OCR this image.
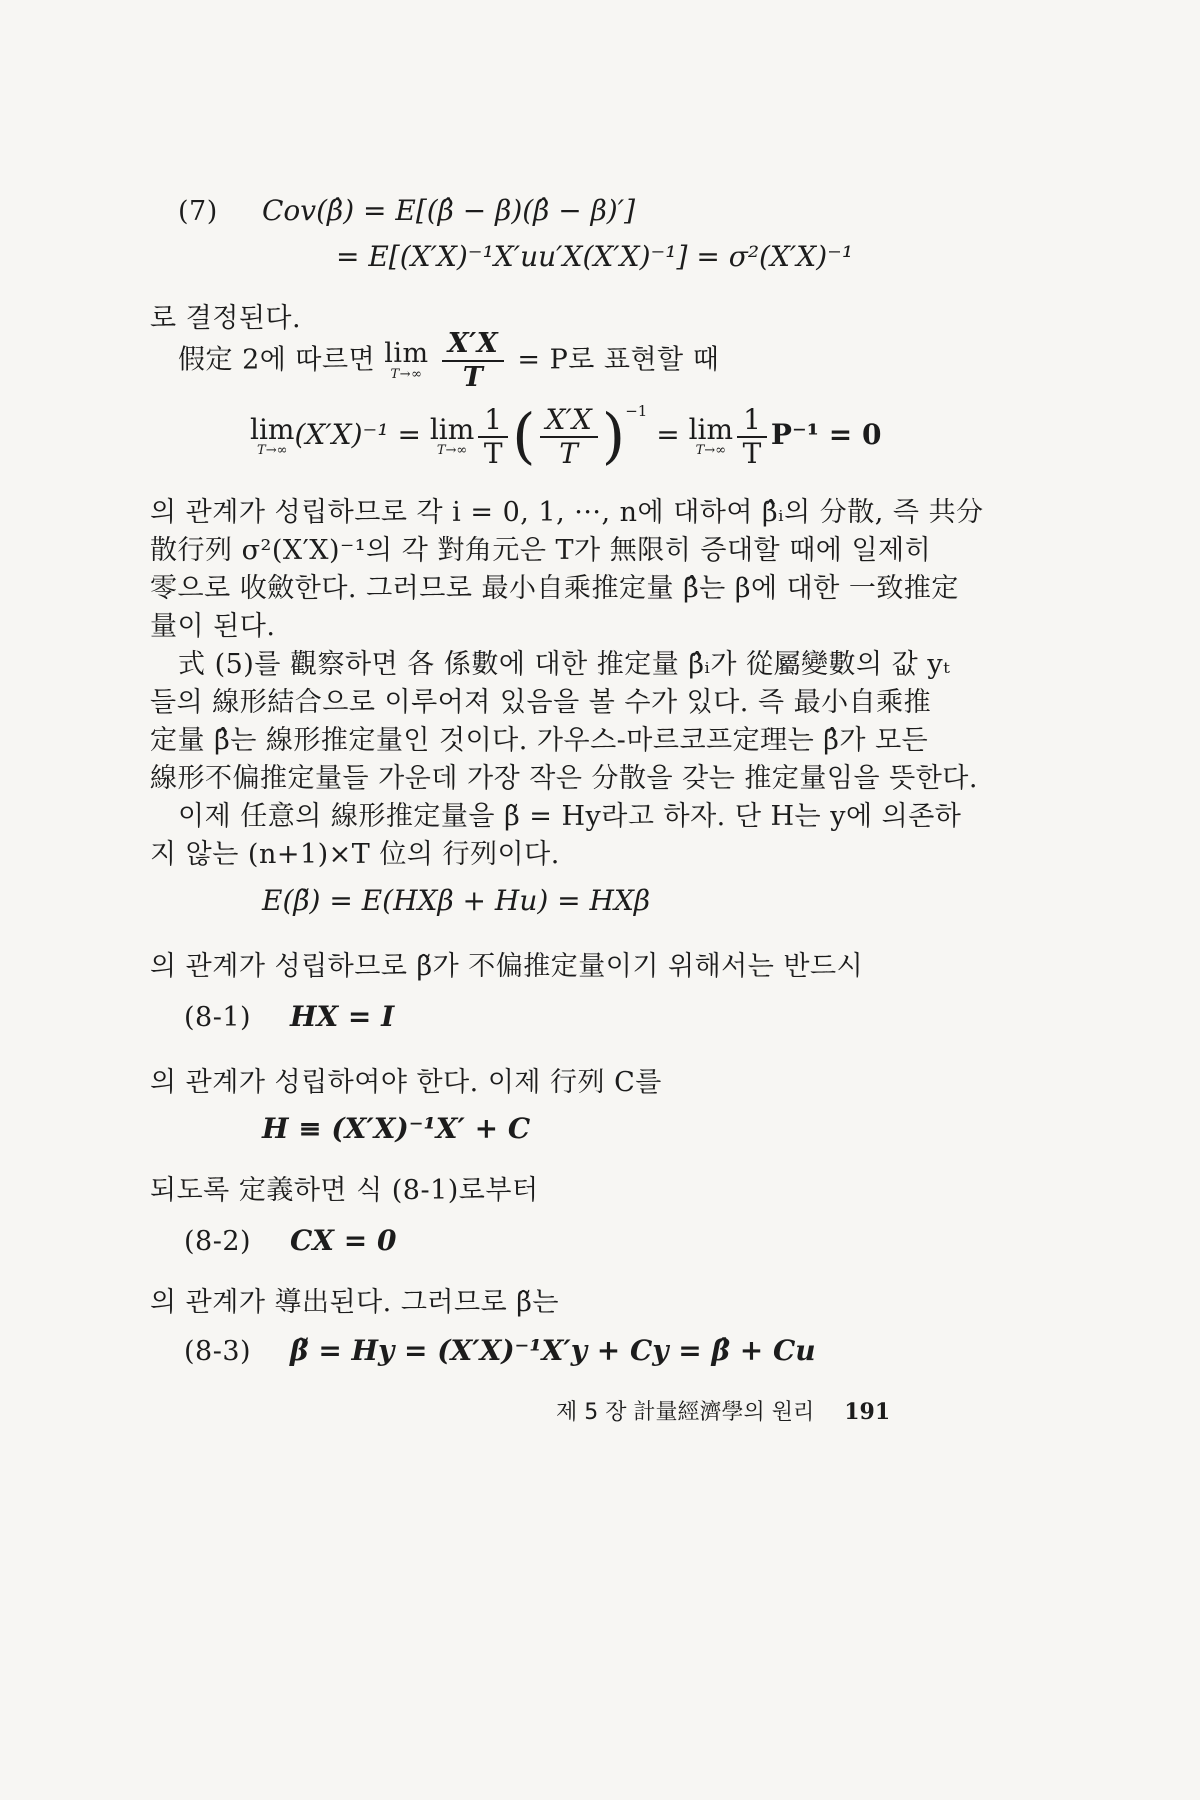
(7) Cov(β̂) = E[(β̂ − β)(β̂ − β)′]
= E[(X′X)⁻¹X′uu′X(X′X)⁻¹] = σ²(X′X)⁻¹
로 결정된다.
假定 2에 따르면 lim
T→∞
$\frac{X'X}{T} = P$로 표현할 때
lim
T→∞ (X′X)⁻¹ = lim
$T\to\infty \frac{1}{T}$ ( $\frac{X'X}{T} )^{-1} = \lim$
$T\to\infty \frac{1}{T} P^{-1} = 0$
의 관계가 성립하므로 각 i = 0, 1, ···, n에 대하여 β̂ᵢ의 分散, 즉 共分
散行列 σ²(X′X)⁻¹의 각 對角元은 T가 無限히 증대할 때에 일제히
零으로 收斂한다. 그러므로 最小自乘推定量 β̂는 β에 대한 一致推定
量이 된다.
式 (5)를 觀察하면 各 係數에 대한 推定量 β̂ᵢ가 從屬變數의 값 yₜ
들의 線形結合으로 이루어져 있음을 볼 수가 있다. 즉 最小自乘推
定量 β̂는 線形推定量인 것이다. 가우스-마르코프定理는 β̂가 모든
線形不偏推定量들 가운데 가장 작은 分散을 갖는 推定量임을 뜻한다.
이제 任意의 線形推定量을 β̃ = Hy라고 하자. 단 H는 y에 의존하
지 않는 (n+1)×T 位의 行列이다.
E(β̃) = E(HXβ + Hu) = HXβ
의 관계가 성립하므로 β̃가 不偏推定量이기 위해서는 반드시
(8-1) HX = I
의 관계가 성립하여야 한다. 이제 行列 C를
H ≡ (X′X)⁻¹X′ + C
되도록 定義하면 식 (8-1)로부터
(8-2) CX = 0
의 관계가 導出된다. 그러므로 β̃는
(8-3) β̃ = Hy = (X′X)⁻¹X′y + Cy = β̂ + Cu
제 5 장 計量經濟學의 원리 191
